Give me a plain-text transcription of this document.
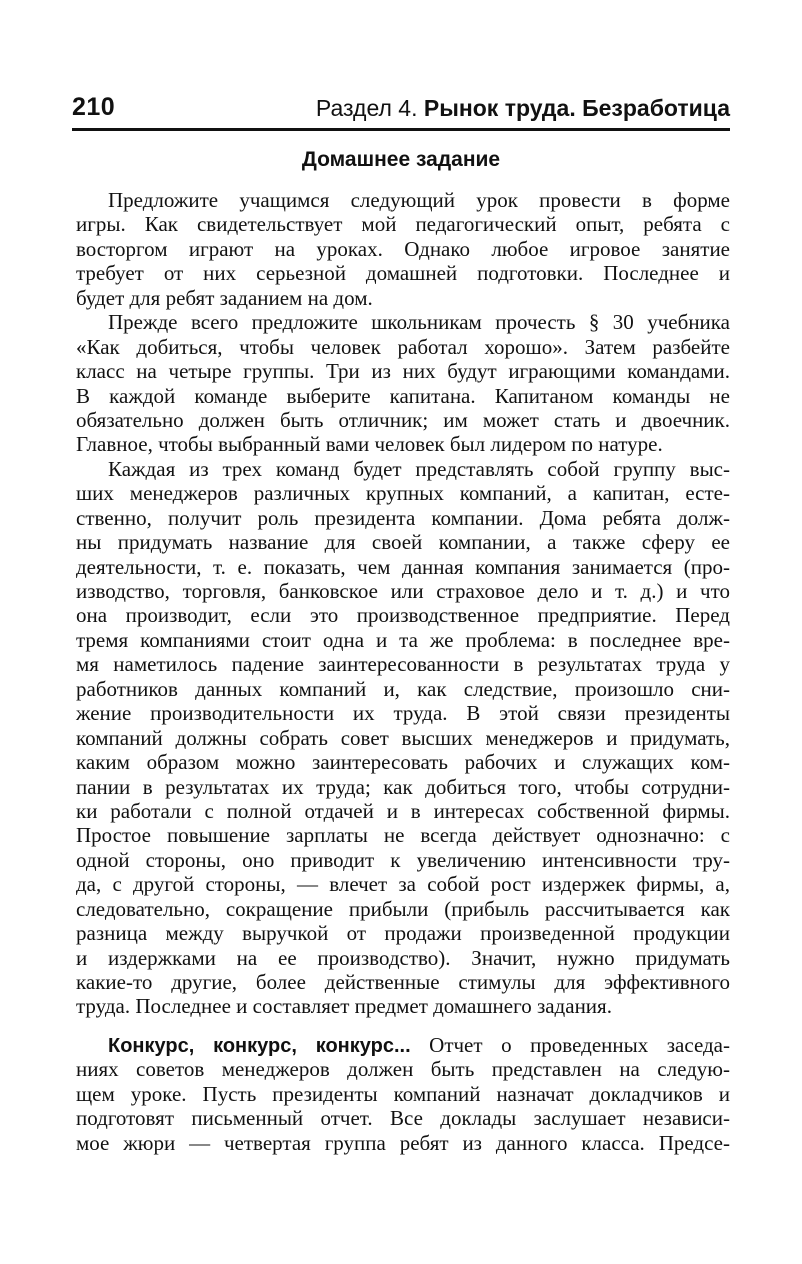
210	Раздел 4. Рынок труда. Безработица
Домашнее задание
Предложите учащимся следующий урок провести в форме
игры. Как свидетельствует мой педагогический опыт, ребята с
восторгом играют на уроках. Однако любое игровое занятие
требует от них серьезной домашней подготовки. Последнее и
будет для ребят заданием на дом.
Прежде всего предложите школьникам прочесть § 30 учебника
«Как добиться, чтобы человек работал хорошо». Затем разбейте
класс на четыре группы. Три из них будут играющими командами.
В каждой команде выберите капитана. Капитаном команды не
обязательно должен быть отличник; им может стать и двоечник.
Главное, чтобы выбранный вами человек был лидером по натуре.
Каждая из трех команд будет представлять собой группу выс-
ших менеджеров различных крупных компаний, а капитан, есте-
ственно, получит роль президента компании. Дома ребята долж-
ны придумать название для своей компании, а также сферу ее
деятельности, т. е. показать, чем данная компания занимается (про-
изводство, торговля, банковское или страховое дело и т. д.) и что
она производит, если это производственное предприятие. Перед
тремя компаниями стоит одна и та же проблема: в последнее вре-
мя наметилось падение заинтересованности в результатах труда у
работников данных компаний и, как следствие, произошло сни-
жение производительности их труда. В этой связи президенты
компаний должны собрать совет высших менеджеров и придумать,
каким образом можно заинтересовать рабочих и служащих ком-
пании в результатах их труда; как добиться того, чтобы сотрудни-
ки работали с полной отдачей и в интересах собственной фирмы.
Простое повышение зарплаты не всегда действует однозначно: с
одной стороны, оно приводит к увеличению интенсивности тру-
да, с другой стороны, — влечет за собой рост издержек фирмы, а,
следовательно, сокращение прибыли (прибыль рассчитывается как
разница между выручкой от продажи произведенной продукции
и издержками на ее производство). Значит, нужно придумать
какие-то другие, более действенные стимулы для эффективного
труда. Последнее и составляет предмет домашнего задания.
Конкурс, конкурс, конкурс... Отчет о проведенных заседа-
ниях советов менеджеров должен быть представлен на следую-
щем уроке. Пусть президенты компаний назначат докладчиков и
подготовят письменный отчет. Все доклады заслушает независи-
мое жюри — четвертая группа ребят из данного класса. Предсе-
